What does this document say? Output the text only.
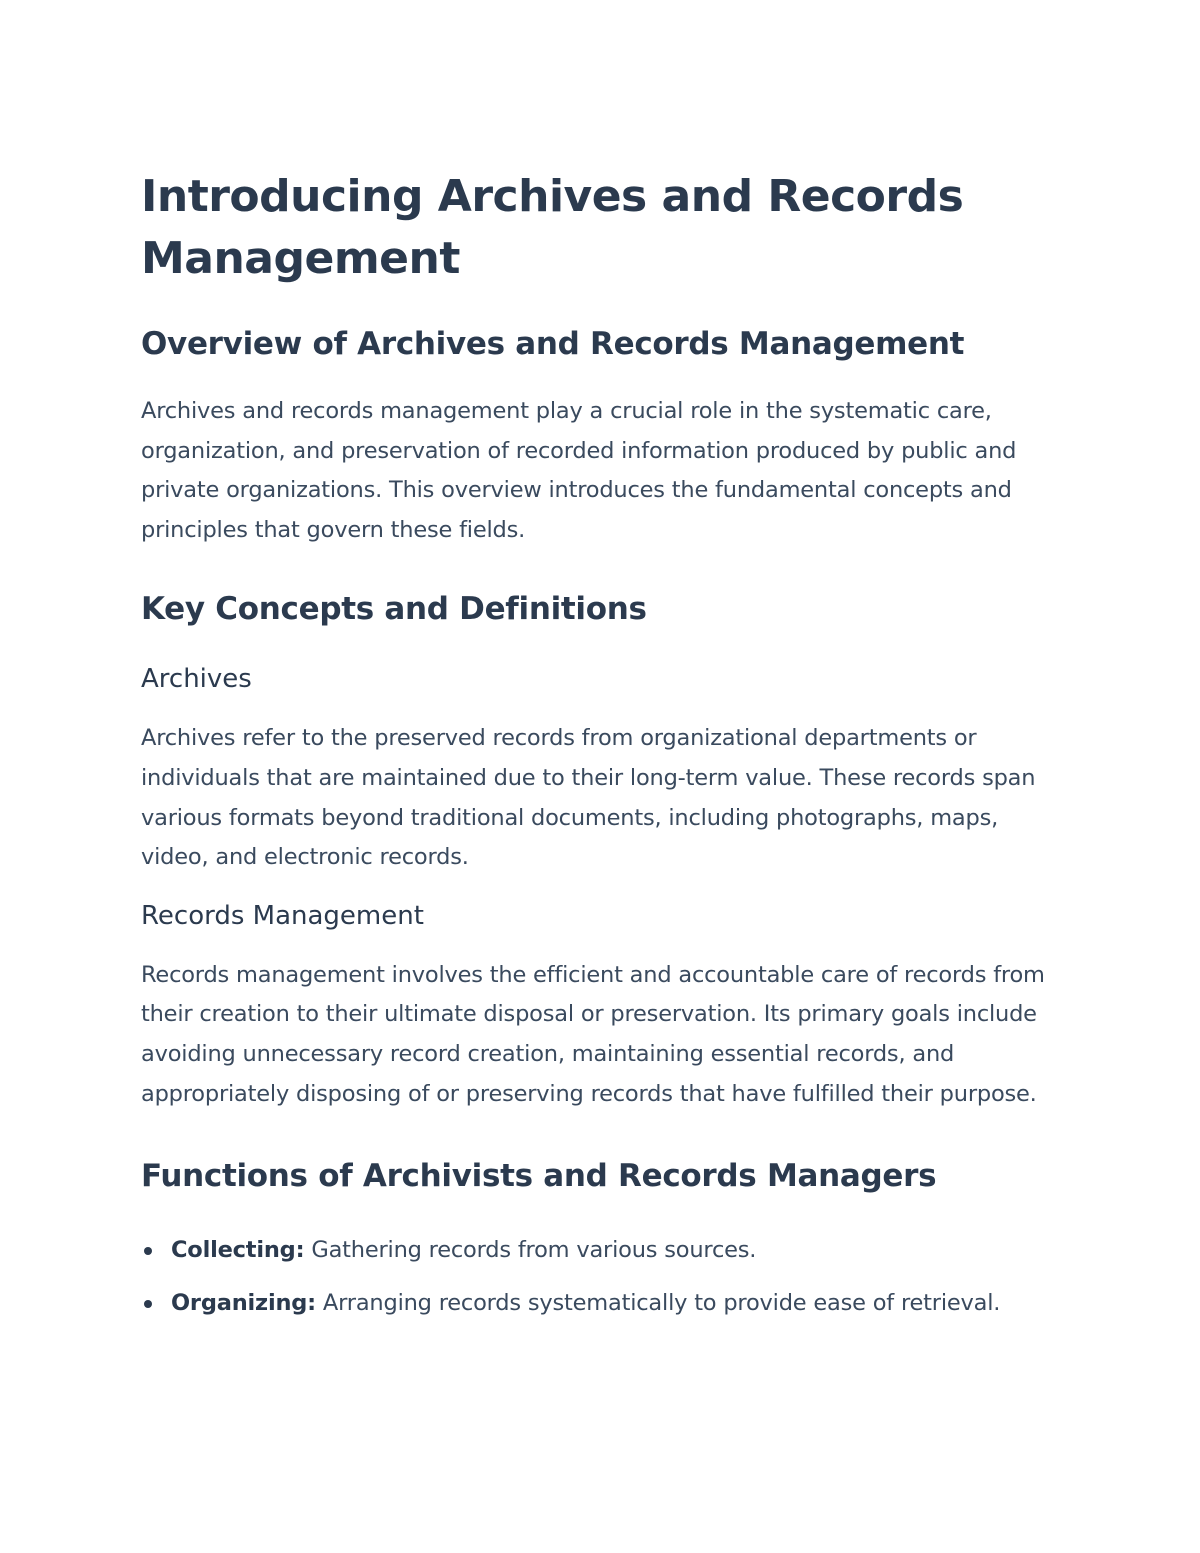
Introducing Archives and Records Management
Overview of Archives and Records Management

Archives and records management play a crucial role in the systematic care, organization, and preservation of recorded information produced by public and private organizations. This overview introduces the fundamental concepts and principles that govern these fields.

Key Concepts and Definitions
Archives

Archives refer to the preserved records from organizational departments or individuals that are maintained due to their long-term value. These records span various formats beyond traditional documents, including photographs, maps, video, and electronic records.

Records Management

Records management involves the efficient and accountable care of records from their creation to their ultimate disposal or preservation. Its primary goals include avoiding unnecessary record creation, maintaining essential records, and appropriately disposing of or preserving records that have fulfilled their purpose.

Functions of Archivists and Records Managers
Collecting: Gathering records from various sources.
Organizing: Arranging records systematically to provide ease of retrieval.
